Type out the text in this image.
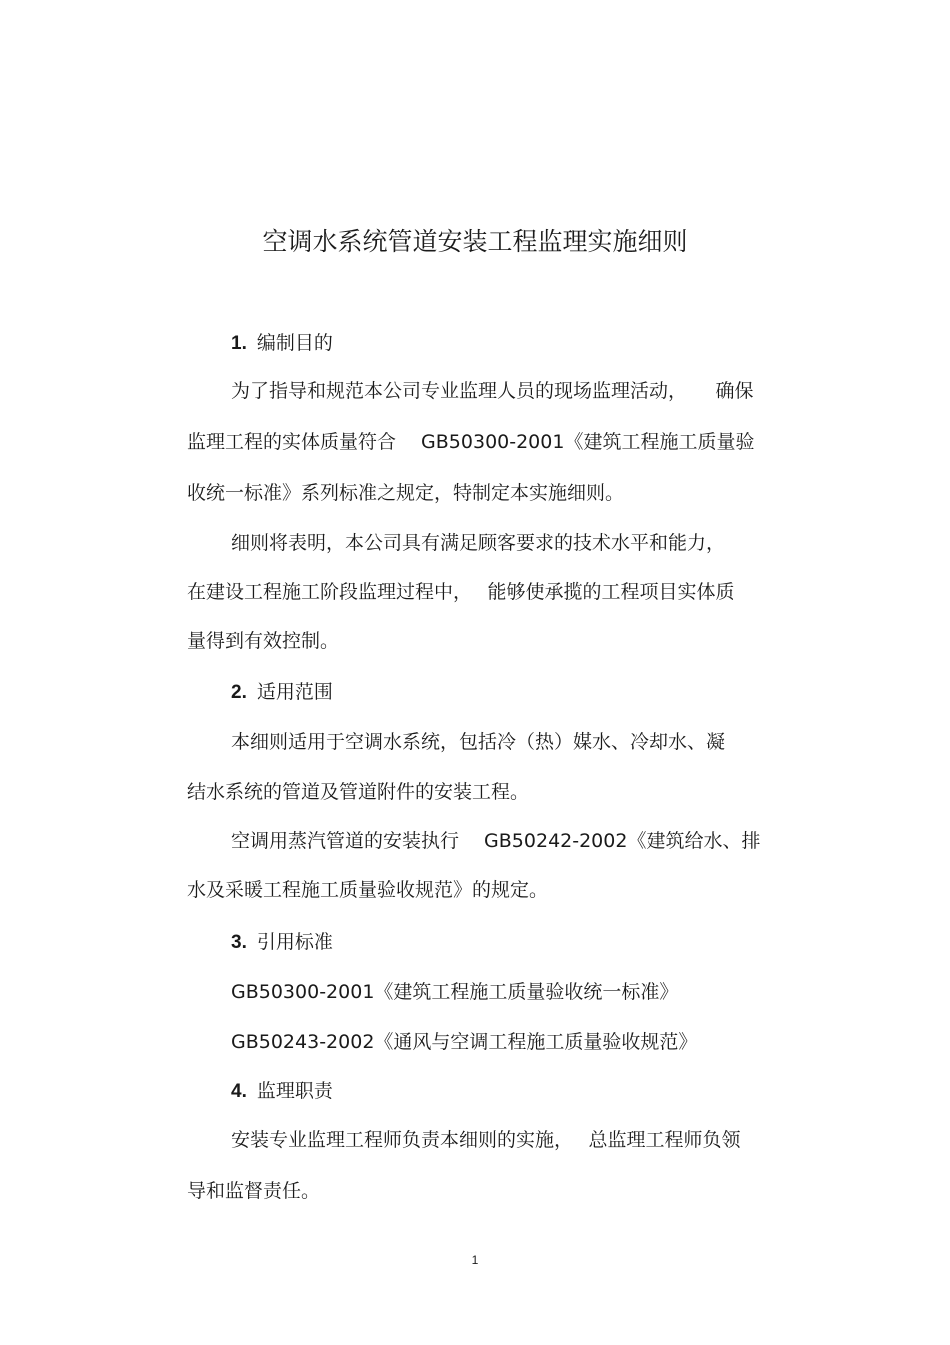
空调水系统管道安装工程监理实施细则
1. 编制目的
为了指导和规范本公司专业监理人员的现场监理活动，　　确保
监理工程的实体质量符合　 GB50300-2001《建筑工程施工质量验
收统一标准》系列标准之规定，特制定本实施细则。
细则将表明，本公司具有满足顾客要求的技术水平和能力，
在建设工程施工阶段监理过程中，　 能够使承揽的工程项目实体质
量得到有效控制。
2. 适用范围
本细则适用于空调水系统，包括冷（热）媒水、冷却水、凝
结水系统的管道及管道附件的安装工程。
空调用蒸汽管道的安装执行　 GB50242-2002《建筑给水、排
水及采暖工程施工质量验收规范》的规定。
3. 引用标准
GB50300-2001《建筑工程施工质量验收统一标准》
GB50243-2002《通风与空调工程施工质量验收规范》
4. 监理职责
安装专业监理工程师负责本细则的实施，　 总监理工程师负领
导和监督责任。
1
